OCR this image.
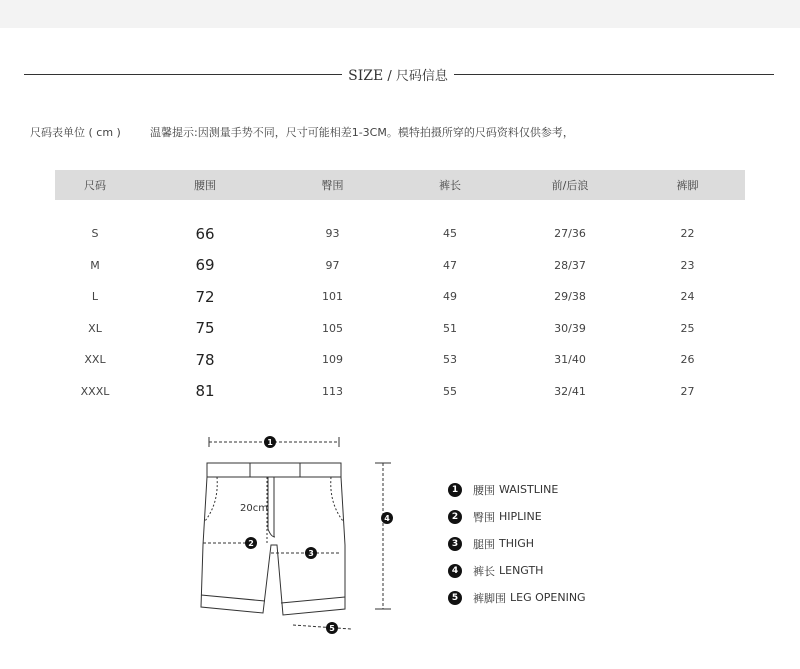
SIZE / 尺码信息
尺码表单位 ( cm )	温馨提示:因测量手势不同，尺寸可能相差1-3CM。模特拍摄所穿的尺码资料仅供参考，
尺码	腰围	臀围	裤长	前/后浪	裤脚

S	66	93	45	27/36	22
M	69	97	47	28/37	23
L	72	101	49	29/38	24
XL	75	105	51	30/39	25
XXL	78	109	53	31/40	26
XXXL	81	113	55	32/41	27
1
2
3
4
5
20cm
1	腰围 WAISTLINE
2	臀围 HIPLINE
3	腿围 THIGH
4	裤长 LENGTH
5	裤脚围 LEG OPENING
